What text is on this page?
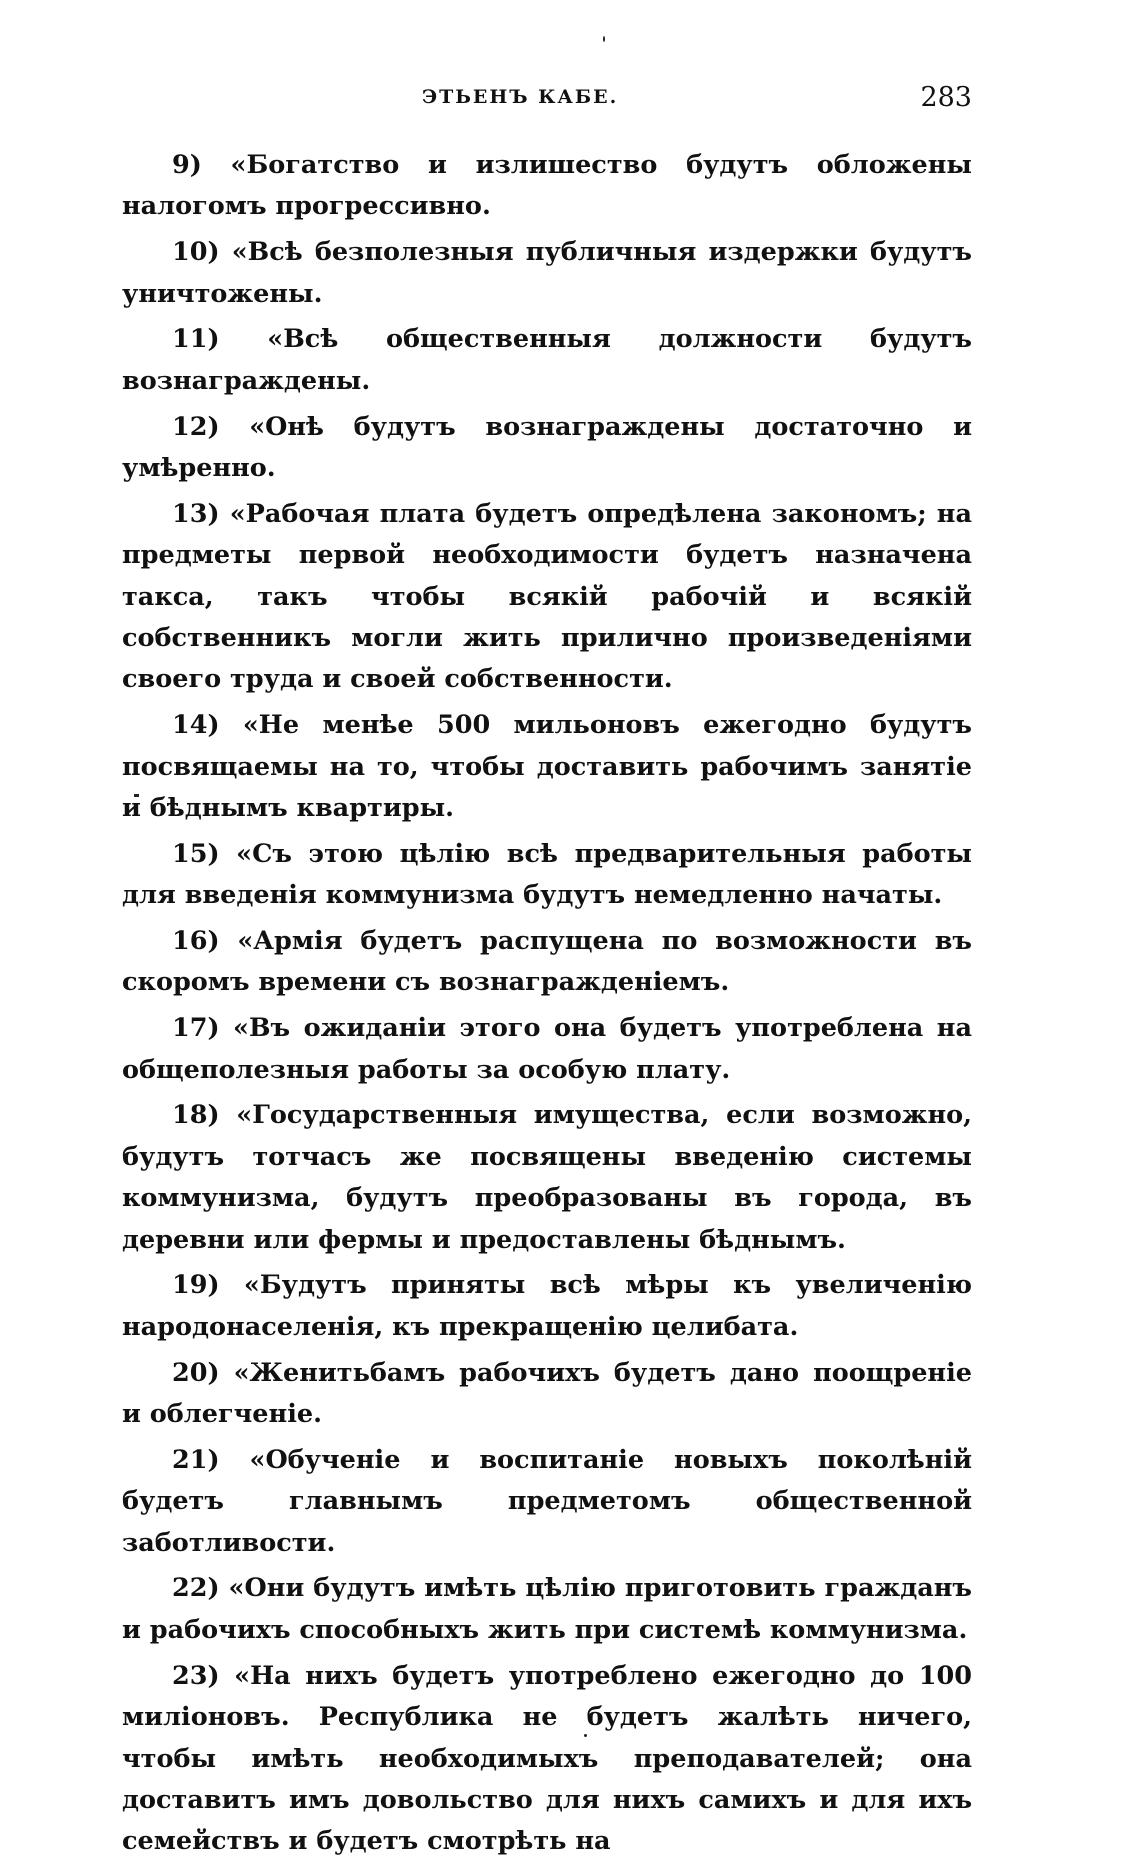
ЭТЬЕНЪ КАБЕ.	283

9) «Богатство и излишество будутъ обложены налогомъ прогрессивно.

10) «Всѣ безполезныя публичныя издержки будутъ уничтожены.

11) «Всѣ общественныя должности будутъ вознаграждены.

12) «Онѣ будутъ вознаграждены достаточно и умѣренно.

13) «Рабочая плата будетъ опредѣлена закономъ; на предметы первой необходимости будетъ назначена такса, такъ чтобы всякій рабочій и всякій собственникъ могли жить прилично произведеніями своего труда и своей собственности.

14) «Не менѣе 500 мильоновъ ежегодно будутъ посвящаемы на то, чтобы доставить рабочимъ занятіе и бѣднымъ квартиры.

15) «Съ этою цѣлію всѣ предварительныя работы для введенія коммунизма будутъ немедленно начаты.

16) «Армія будетъ распущена по возможности въ скоромъ времени съ вознагражденіемъ.

17) «Въ ожиданіи этого она будетъ употреблена на общеполезныя работы за особую плату.

18) «Государственныя имущества, если возможно, будутъ тотчасъ же посвящены введенію системы коммунизма, будутъ преобразованы въ города, въ деревни или фермы и предоставлены бѣднымъ.

19) «Будутъ приняты всѣ мѣры къ увеличенію народонаселенія, къ прекращенію целибата.

20) «Женитьбамъ рабочихъ будетъ дано поощреніе и облегченіе.

21) «Обученіе и воспитаніе новыхъ поколѣній будетъ главнымъ предметомъ общественной заботливости.

22) «Они будутъ имѣть цѣлію приготовить гражданъ и рабочихъ способныхъ жить при системѣ коммунизма.

23) «На нихъ будетъ употреблено ежегодно до 100 миліоновъ. Республика не будетъ жалѣть ничего, чтобы имѣть необходимыхъ преподавателей; она доставитъ имъ довольство для нихъ самихъ и для ихъ семействъ и будетъ смотрѣть на
